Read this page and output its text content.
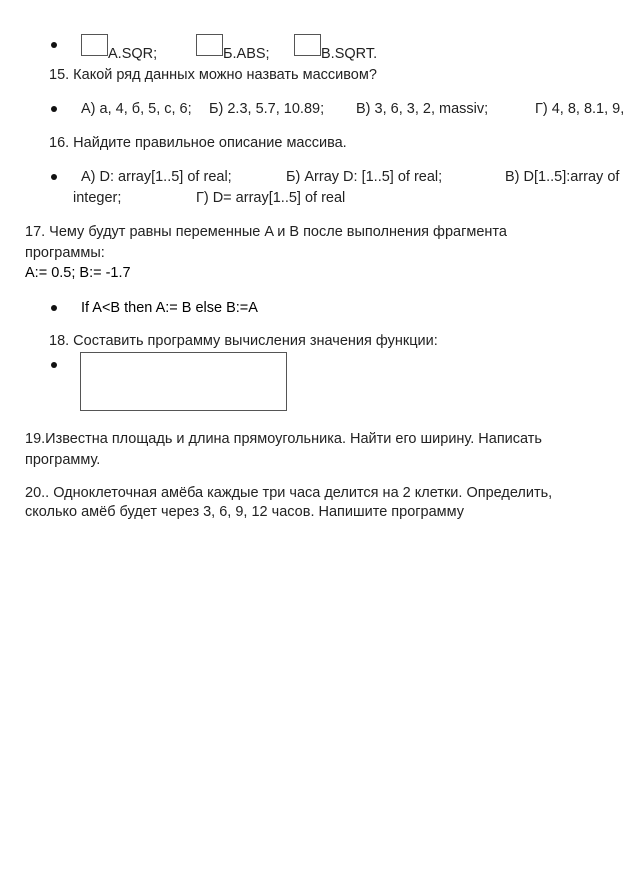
А.SQR;	Б.ABS;	В.SQRT.
15. Какой ряд данных можно назвать массивом?
А) а, 4, б, 5, с, 6; Б) 2.3, 5.7, 10.89; В) 3, 6, 3, 2, massiv;	Г) 4, 8, 8.1, 9,
16. Найдите правильное описание массива.
А) D: array[1..5] of real;	Б) Array D: [1..5] of real;	В) D[1..5]:array of
integer;	Г) D= array[1..5] of real
17. Чему будут равны переменные A и B после выполнения фрагмента
программы:
A:= 0.5; B:= -1.7
If A<B then A:= B else B:=A
18. Составить программу вычисления значения функции:
19.Известна площадь и длина прямоугольника. Найти его ширину. Написать
программу.
20.. Одноклеточная амёба каждые три часа делится на 2 клетки. Определить,
сколько амёб будет через 3, 6, 9, 12 часов. Напишите программу
